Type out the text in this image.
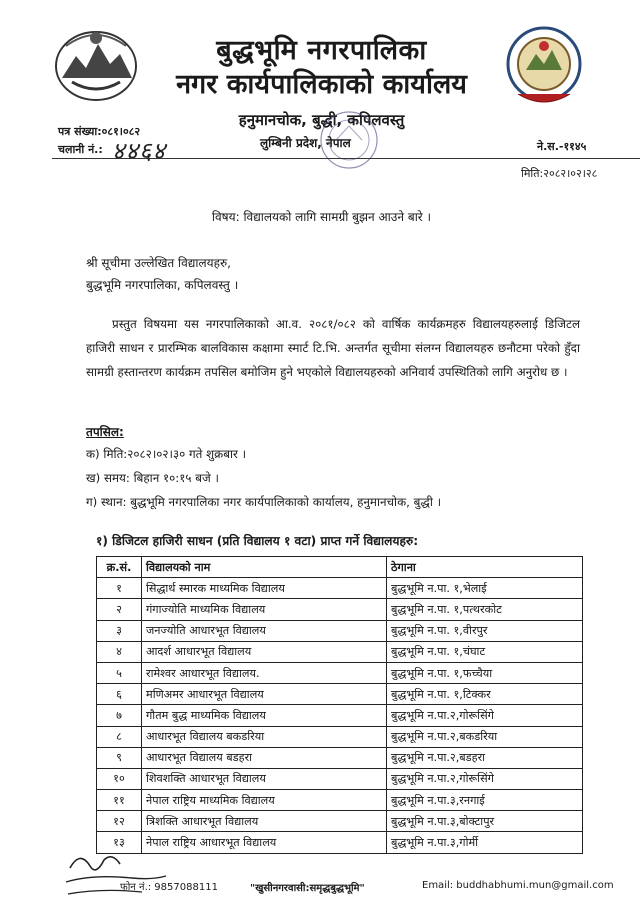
बुद्धभूमि नगरपालिका
नगर कार्यपालिकाको कार्यालय
हनुमानचोक, बुद्धी, कपिलवस्तु
लुम्बिनी प्रदेश, नेपाल
पत्र संख्या:०८१।०८२
चलानी नं.: ४४६४	ने.स.-११४५
मिति:२०८२।०२।२८
विषय: विद्यालयको लागि सामग्री बुझन आउने बारे ।
श्री सूचीमा उल्लेखित विद्यालयहरु,
बुद्धभूमि नगरपालिका, कपिलवस्तु ।
प्रस्तुत विषयमा यस नगरपालिकाको आ.व. २०८१/०८२ को वार्षिक कार्यक्रमहरु विद्यालयहरुलाई डिजिटल हाजिरी साधन र प्रारम्भिक बालविकास कक्षामा स्मार्ट टि.भि. अन्तर्गत सूचीमा संलग्न विद्यालयहरु छनौटमा परेको हुँदा सामग्री हस्तान्तरण कार्यक्रम तपसिल बमोजिम हुने भएकोले विद्यालयहरुको अनिवार्य उपस्थितिको लागि अनुरोध छ ।
तपसिल:
क) मिति:२०८२।०२।३० गते शुक्रबार ।
ख) समय: बिहान १०:१५ बजे ।
ग) स्थान: बुद्धभूमि नगरपालिका नगर कार्यपालिकाको कार्यालय, हनुमानचोक, बुद्धी ।
१) डिजिटल हाजिरी साधन (प्रति विद्यालय १ वटा) प्राप्त गर्ने विद्यालयहरु:
क्र.सं.	विद्यालयको नाम	ठेगाना
१	सिद्धार्थ स्मारक माध्यमिक विद्यालय	बुद्धभूमि न.पा. १,भेलाई
२	गंगाज्योति माध्यमिक विद्यालय	बुद्धभूमि न.पा. १,पत्थरकोट
३	जनज्योति आधारभूत विद्यालय	बुद्धभूमि न.पा. १,वीरपुर
४	आदर्श आधारभूत विद्यालय	बुद्धभूमि न.पा. १,चंघाट
५	रामेश्वर आधारभूत विद्यालय.	बुद्धभूमि न.पा. १,फच्चैया
६	मणिअमर आधारभूत विद्यालय	बुद्धभूमि न.पा. १,टिक्कर
७	गौतम बुद्ध माध्यमिक विद्यालय	बुद्धभूमि न.पा.२,गोरूसिंगे
८	आधारभूत विद्यालय बकडरिया	बुद्धभूमि न.पा.२,बकडरिया
९	आधारभूत विद्यालय बडहरा	बुद्धभूमि न.पा.२,बडहरा
१०	शिवशक्ति आधारभूत विद्यालय	बुद्धभूमि न.पा.२,गोरूसिंगे
११	नेपाल राष्ट्रिय माध्यमिक विद्यालय	बुद्धभूमि न.पा.३,रनगाई
१२	त्रिशक्ति आधारभूत विद्यालय	बुद्धभूमि न.पा.३,बोक्टापुर
१३	नेपाल राष्ट्रिय आधारभूत विद्यालय	बुद्धभूमि न.पा.३,गोर्मी
फोन नं.: 9857088111	"खुसीनगरवासी:समृद्धबुद्धभूमि"	Email: buddhabhumi.mun@gmail.com
